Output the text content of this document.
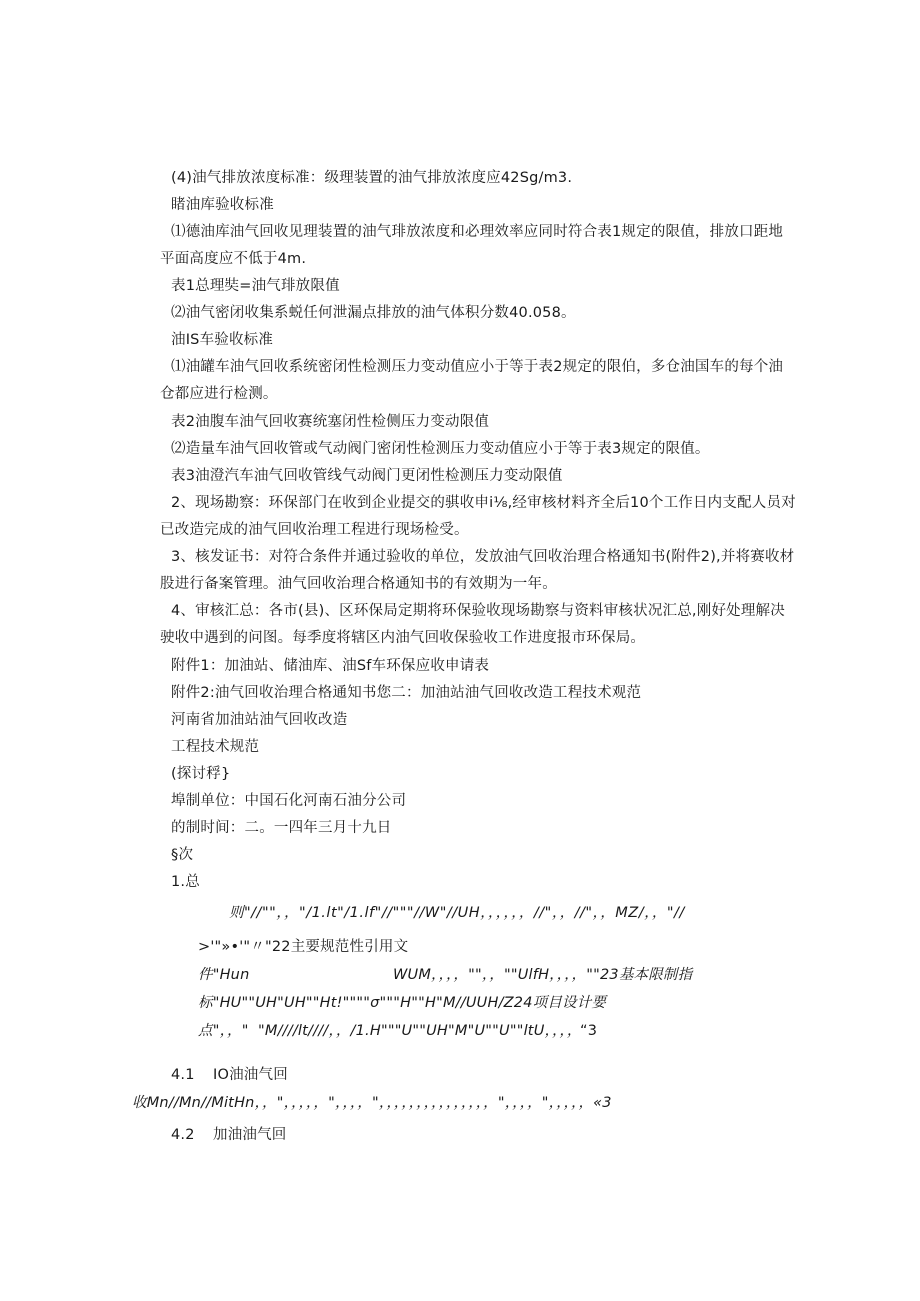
(4)油气排放浓度标准：级理装置的油气排放浓度应42Sg/m3.
睹油库验收标准
⑴德油库油气回收见理装置的油气琲放浓度和必理效率应同时符合表1规定的限值，排放口距地
平面高度应不低于4m.
表1总理奘=油气琲放限值
⑵油气密闭收集系蜕任何泄漏点排放的油气体积分数40.058。
油IS车验收标准
⑴油罐车油气回收系统密闭性检测压力变动值应小于等于表2规定的限伯，多仓油国车的每个油
仓都应进行检测。
表2油腹车油气回收赛统塞闭性检侧压力变动限值
⑵造量车油气回收管或气动阀门密闭性检测压力变动值应小于等于表3规定的限值。
表3油澄汽车油气回收管线气动阀门更闭性检测压力变动限值
2、现场勘察：环保部门在收到企业提交的骐收申i⅛,经审核材料齐全后10个工作日内支配人员对
已改造完成的油气回收治理工程进行现场检受。
3、核发证书：对符合条件并通过验收的单位，发放油气回收治理合格通知书(附件2),并将赛收材
股进行备案管理。油气回收治理合格通知书的有效期为一年。
4、审核汇总：各市(县)、区环保局定期将环保验收现场勘察与资料审核状况汇总,刚好处理解决
驶收中遇到的问图。每季度将辖区内油气回收保验收工作进度报市环保局。
附件1：加油站、储油库、油Sf车环保应收申请表
附件2:油气回收治理合格通知书您二：加油站油气回收改造工程技术观范
河南省加油站油气回收改造
工程技术规范
(探讨稃}
埠制单位：中国石化河南石油分公司
的制时间：二。一四年三月十九日
§次
1.总
则"//""，，"/1.lt"/1.lf"//"""//W"//UH，，，，，，//"，，//"，，MZ/，，"//
>'"»•'"〃"22主要规范性引用文
件"Hun	WUM，，，，""，，""UlfH，，，，""23基本限制指
标"HU""UH"UH""Ht!""""σ"""H""H"M//UUH/Z24项目设计要
点"，，" "M////lt////，，/1.H"""U""UH"M"U""U""ltU，，，，
“3
4.1 IO油油气回
收Mn//Mn//MitHn，，"，，，，，"，，，，"，，，，，，，，，，，，，，，"，，，，"，，，，，«3
4.2 加油油气回
